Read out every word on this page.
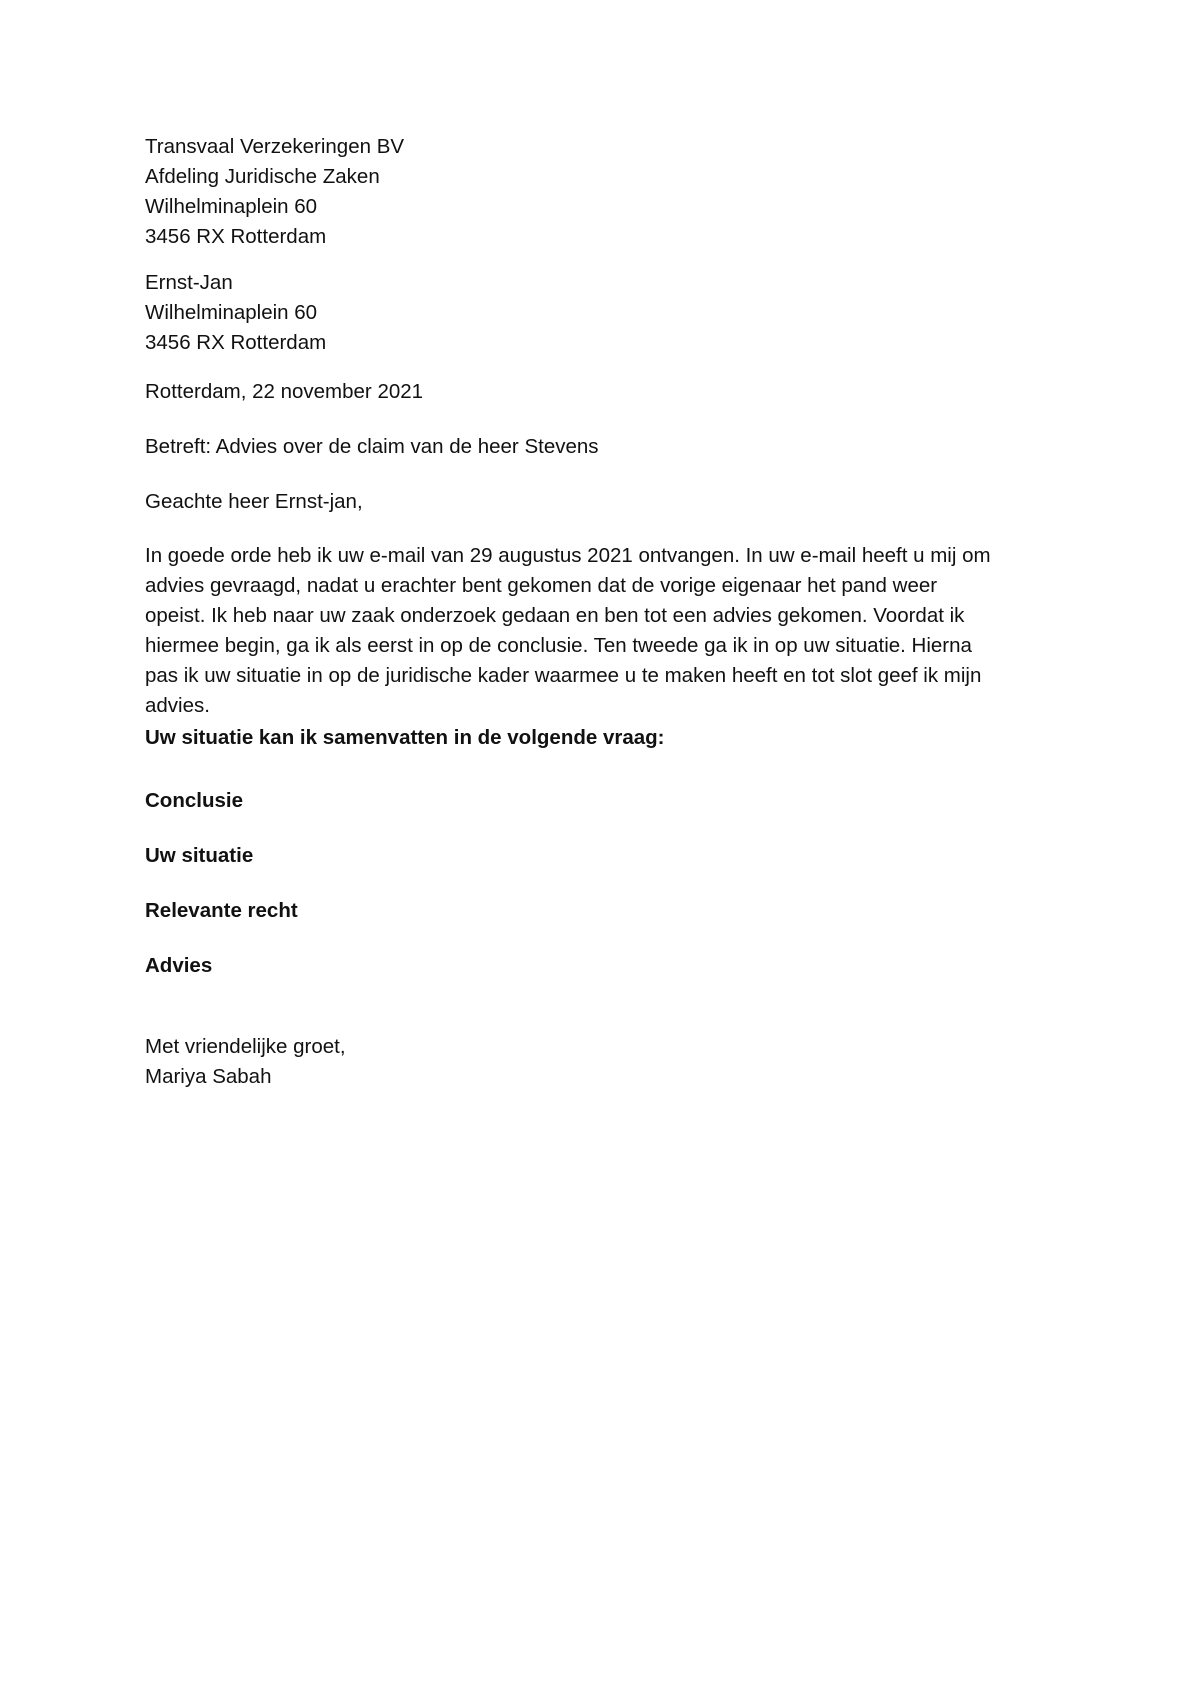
Transvaal Verzekeringen BV
Afdeling Juridische Zaken
Wilhelminaplein 60
3456 RX Rotterdam
Ernst-Jan
Wilhelminaplein 60
3456 RX Rotterdam
Rotterdam, 22 november 2021
Betreft: Advies over de claim van de heer Stevens
Geachte heer Ernst-jan,
In goede orde heb ik uw e-mail van 29 augustus 2021 ontvangen. In uw e-mail heeft u mij om
advies gevraagd, nadat u erachter bent gekomen dat de vorige eigenaar het pand weer
opeist. Ik heb naar uw zaak onderzoek gedaan en ben tot een advies gekomen. Voordat ik
hiermee begin, ga ik als eerst in op de conclusie. Ten tweede ga ik in op uw situatie. Hierna
pas ik uw situatie in op de juridische kader waarmee u te maken heeft en tot slot geef ik mijn
advies.
Uw situatie kan ik samenvatten in de volgende vraag:
Conclusie
Uw situatie
Relevante recht
Advies
Met vriendelijke groet,
Mariya Sabah
